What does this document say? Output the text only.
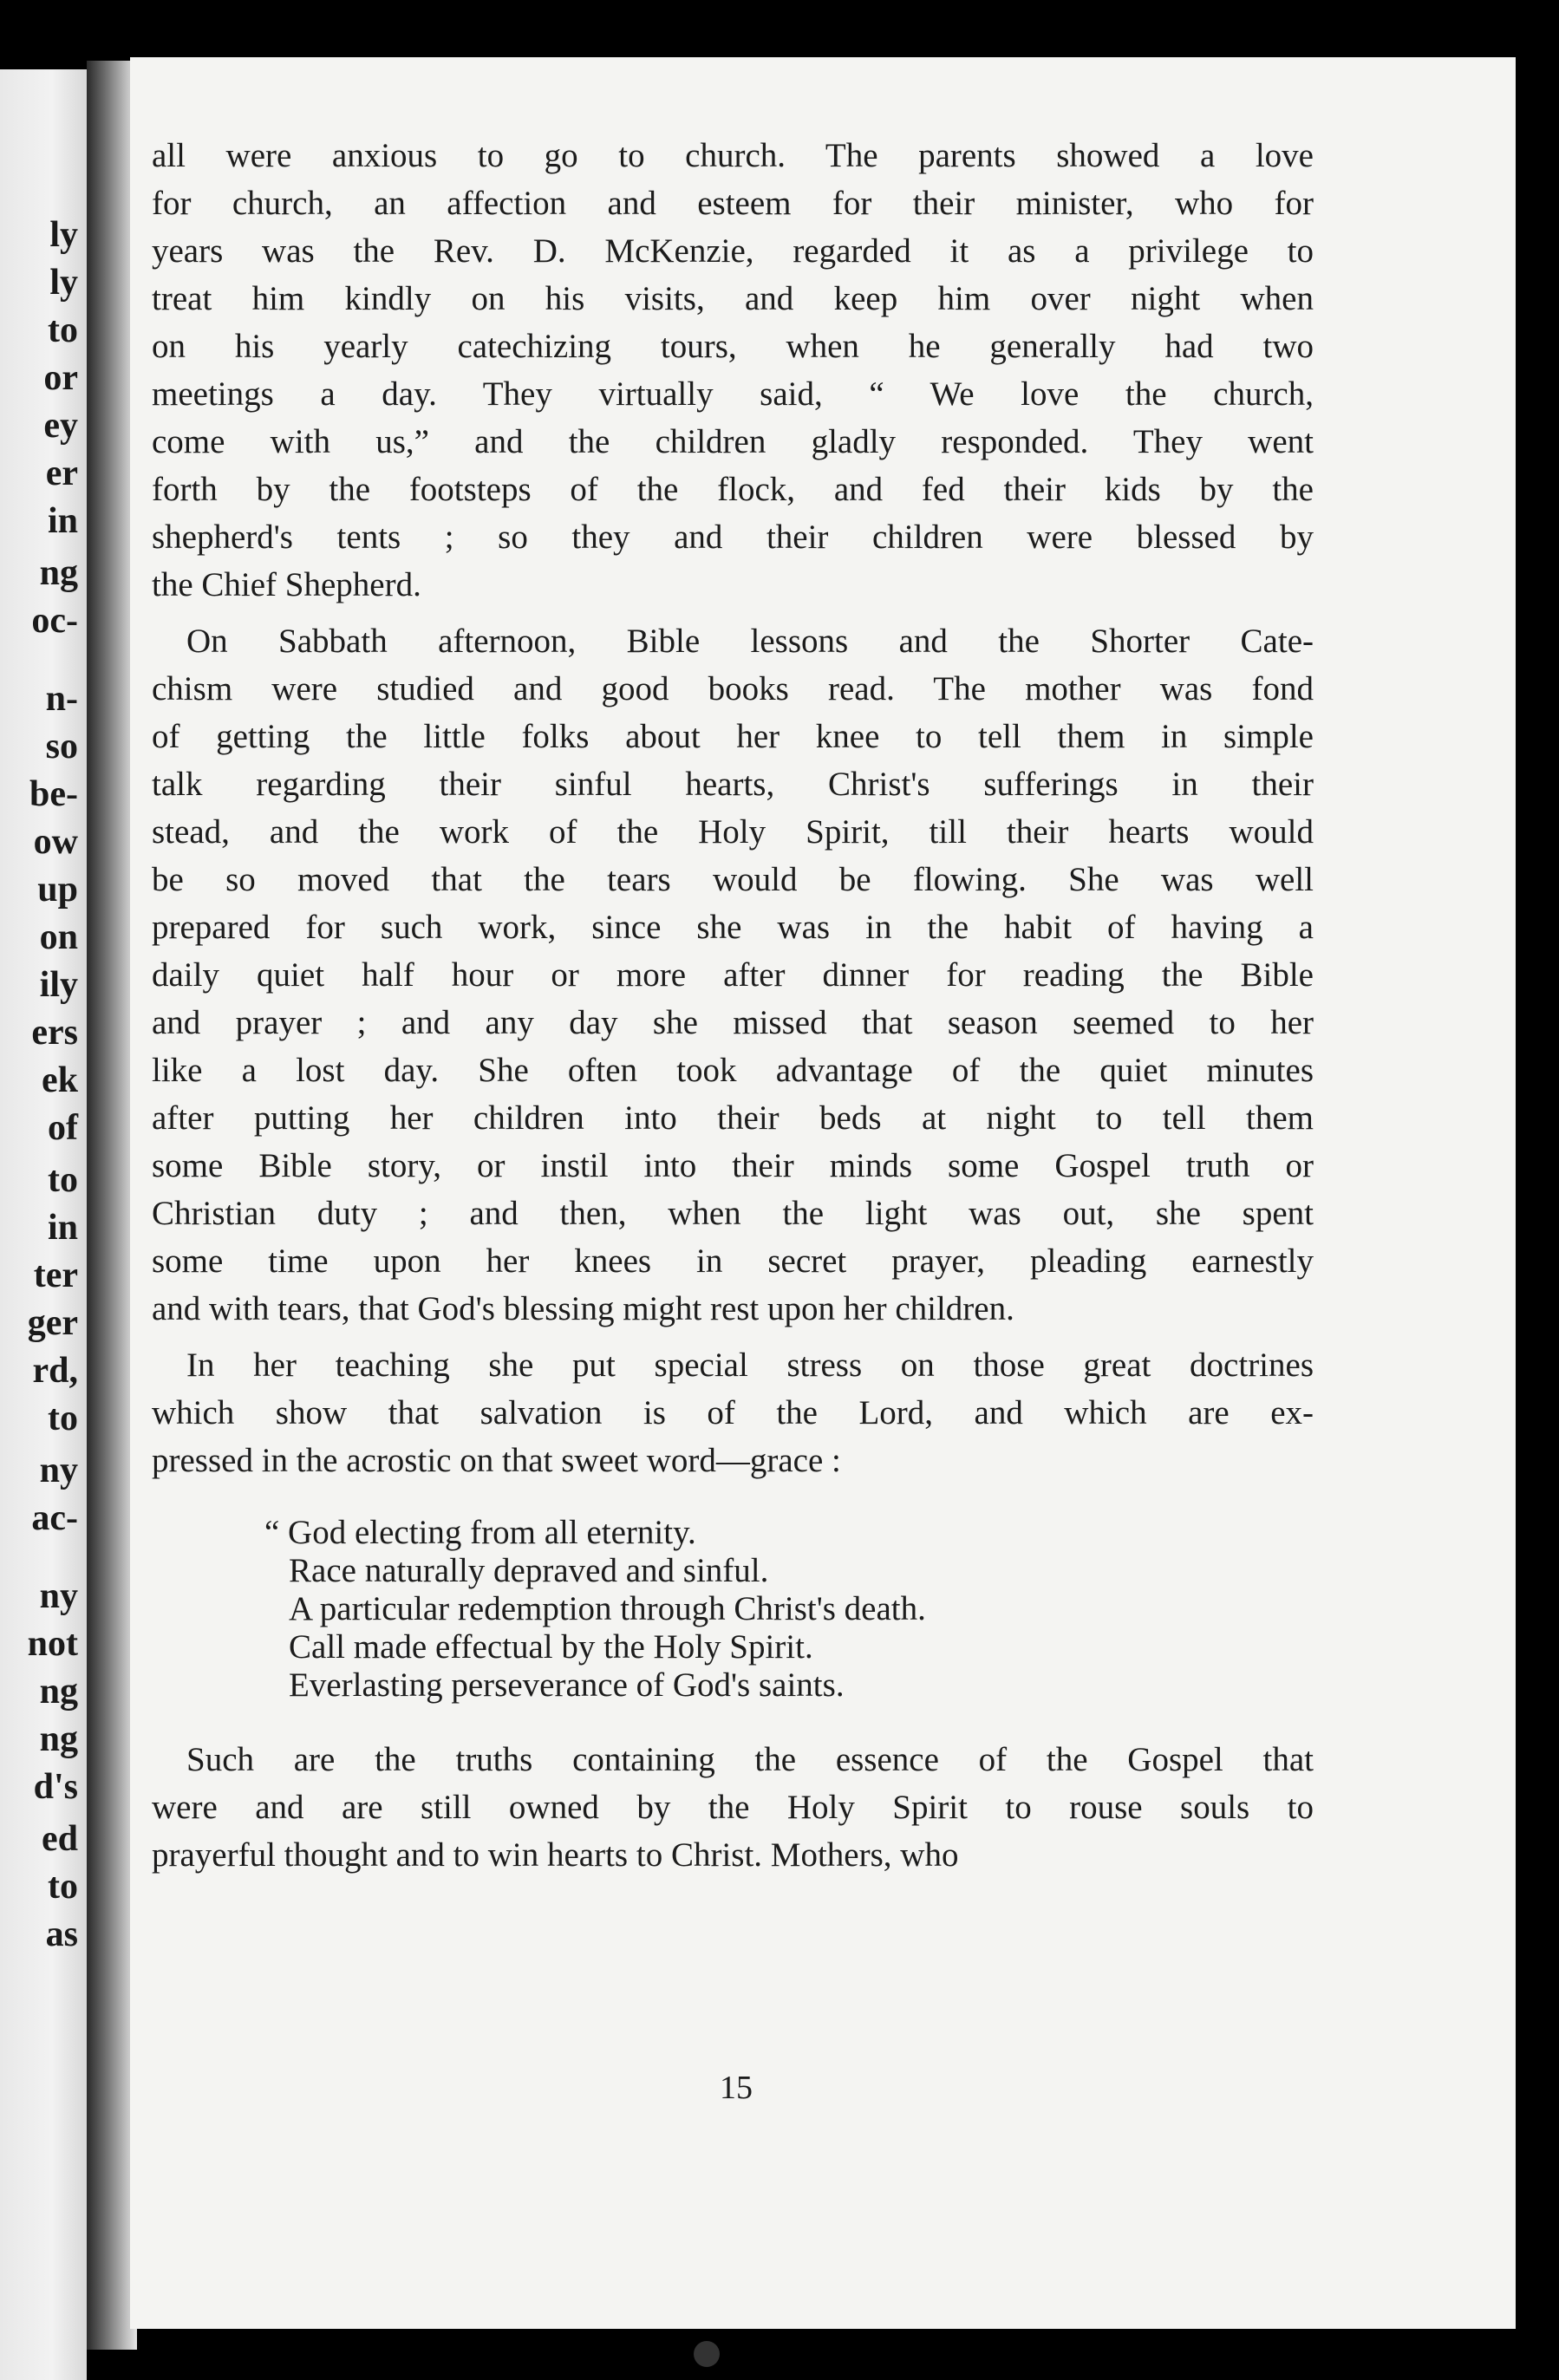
ly
ly
to
or
ey
er
in
ng
oc-
n-
so
be-
ow
up
on
ily
ers
ek
of
to
in
ter
ger
rd,
to
ny
ac-
ny
not
ng
ng
d's
ed
to
as
all were anxious to go to church. The parents showed a love
for church, an affection and esteem for their minister, who for
years was the Rev. D. McKenzie, regarded it as a privilege to
treat him kindly on his visits, and keep him over night when
on his yearly catechizing tours, when he generally had two
meetings a day. They virtually said, “ We love the church,
come with us,” and the children gladly responded. They went
forth by the footsteps of the flock, and fed their kids by the
shepherd's tents ; so they and their children were blessed by
the Chief Shepherd.
On Sabbath afternoon, Bible lessons and the Shorter Cate-
chism were studied and good books read. The mother was fond
of getting the little folks about her knee to tell them in simple
talk regarding their sinful hearts, Christ's sufferings in their
stead, and the work of the Holy Spirit, till their hearts would
be so moved that the tears would be flowing. She was well
prepared for such work, since she was in the habit of having a
daily quiet half hour or more after dinner for reading the Bible
and prayer ; and any day she missed that season seemed to her
like a lost day. She often took advantage of the quiet minutes
after putting her children into their beds at night to tell them
some Bible story, or instil into their minds some Gospel truth or
Christian duty ; and then, when the light was out, she spent
some time upon her knees in secret prayer, pleading earnestly
and with tears, that God's blessing might rest upon her children.
In her teaching she put special stress on those great doctrines
which show that salvation is of the Lord, and which are ex-
pressed in the acrostic on that sweet word—grace :
“ God electing from all eternity.
Race naturally depraved and sinful.
A particular redemption through Christ's death.
Call made effectual by the Holy Spirit.
Everlasting perseverance of God's saints.
Such are the truths containing the essence of the Gospel that
were and are still owned by the Holy Spirit to rouse souls to
prayerful thought and to win hearts to Christ. Mothers, who
15
